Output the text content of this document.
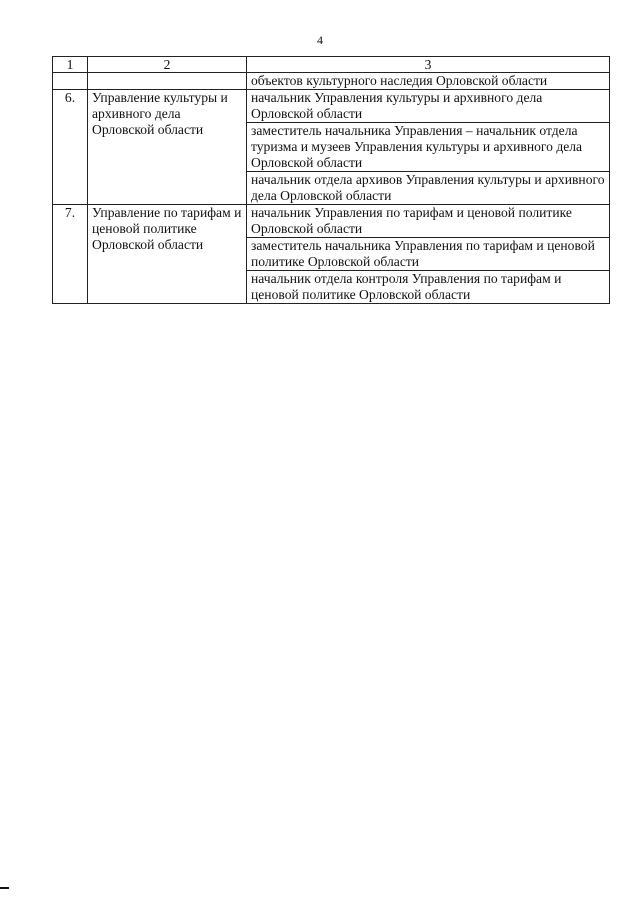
4
1	2	3
		объектов культурного наследия Орловской области
6.	Управление культуры и архивного дела Орловской области	начальник Управления культуры и архивного дела Орловской области
		заместитель начальника Управления – начальник отдела туризма и музеев Управления культуры и архивного дела Орловской области
		начальник отдела архивов Управления культуры и архивного дела Орловской области
7.	Управление по тарифам и ценовой политике Орловской области	начальник Управления по тарифам и ценовой политике Орловской области
		заместитель начальника Управления по тарифам и ценовой политике Орловской области
		начальник отдела контроля Управления по тарифам и ценовой политике Орловской области
